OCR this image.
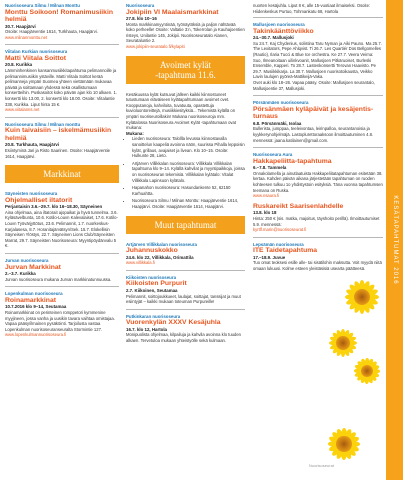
Nuorisoseura Silmu / Milnan Monttu
Monttu Soikoon! Romanimusiikin helmiä
30.7. Haapjärvi
Osoite: Haapjärventie 1614, Turkhauta, Haapjärvi.
www.milnanmonttu.net
Viitalan Kurkian nuorisoseura
Matti Viitala Soittot
20.8. Kurikka
Lämminhenkinen kansanmusiikkitapahtuma pelimannoille ja pelimannimusiikin ystäville. Matti Viitala Soittot kerää pelimanneja ympäri Suomea yhteen viettämään mukavaa päivää ja soittamaan yhdessä sekä osallistumaan konsertteihin. Puskasoitot koko päivän ajan klo 10 alkaen. 1. konsertti klo 13.00, 2. konsertti klo 18.00. Osoite: Viitalantie 338, Kurikka. Liput hinta 15 €.
www.viitalanns.net
Nuorisoseura Silmu / Milnan monttu
Kuin taivaisiin – iskelmämusiikin helmiä
20.8. Turkhauta, Haapjärvi
Esiintyminä Jari ja Risto Saarinen. Osoite: Haapjärventie 1614, Haapjärvi.
Markkinat
Säyneisten nuorisoseura
Ohjelmalliset iltatorit
Perjantaisin 3.6.–29.7. klo 16–18.30, Säyneinen
Aina ohjelmaa, aina iltatorait ajopaikat ja hyvä tunnelma. 3.6. Kyläsävelbunta, 10.6. Kotilo-Louvn Kalevalaiset, 17.6. Kotilo-Louvn Työvärjyttötus, 23.6. Pelimannit, 1.7. nuorkeskus-Karjalasesa, 8.7. Horanitajärvätsyn/Sek. 15.7. Elokellisin Säyneisen Ylöstys, 22.7. Säyneinen Lions Club/Säyneisten Marrat, 29.7. Säyneisten Nuorisoseura: Myyntipöydänvalu 5 €.
Jurvan nuorisoseura
Jurvan Markkinat
2.–3.7. Kurikka
Jurvan nuorisoseura mukana Jurvan markkinatunnuussa.
Lopenkulman nuorisoseura
Roinamarkkinat
10.7.2016 klo 9–14, Seutamaa
Roinamarkkinat on perinteinen romppetori kymmenine myyjineen, jossa vanha ja uusikin tavara vaihtaa omistajaa. Vapaa pääsy/ilmainen pysäköinti. Tarjoilusta vastaa Lopenkulman nuorisoseuranseuralta Stormintie 127.
www.lopenkulmannuorisoseura.fi
Nuorisoseura
Jokipiin VI Maalaismarkkinat
27.8. klo 10–16
Monta markkinamyyntinää, työnäytöksiä ja paljon nähtävää koko perheelle! Osoite: Valtatie 3:n, Tokerrolan ja Kauhajoentien risteys, Unilantie 145, Jokipii. Nuorisoseuratalo Alanen, Seurataluntie 2.
www.jokipiin-seuratalo.fi/kylapiti
Avoimet kylät
-tapahtuma 11.6.
Kesäkuussa kylät kutsuvat jälleen kaikki kiinnostuneet tutustumaan eläväiseen kylätapahtumaan avoimet ovet. Koopputanoja, kahviloita, tuvatuuta, opastettuja kuvioluontoreittejä, musiikkiesityksiä... Tekemistä kylällä on ympäri nuoriseuroillakin! Mukana nuorisoseuroja mm. Kylätalossa Nuorisoseura Avoimet Kylät -tapahtumaan ovat mukana:
Mukana:
• Lieden nuorisoseura: Talollla levussa kiinnostavalla sanoittelun kaapeliä avoinna näön, suurissa Pihalla leppoisin kylät, grillaus, avajaiset ja livean. Klo 10–15. Osoite: Hulkunte 28, Lieto.
• Artjärven Villikkalan nuorisoseura: Villikkala Villikkalan tapahtuma klo 9–14. Kylällä kahvilat ja myyntipaikkoja, joissa on nuorisoseuran tekemisiä. Villikkalan kylätalo: Vitalat Villikkala Lapinsuon kylätalo.
• Hapanahon nuorisoseura: Hasundankente 52, 62150 Karhuahtta.
• Nuorisoseura Silmu / Milnan Monttu: Haapjärventie 1614, Haapjärvi. Osoite: Haapjärventie 1614, Haapjärvi.
Muut tapahtumat
Artjärven Villikkalan nuorisoseura
Juhannuskokko
24.6. klo 22, Villikkala, Orimattila
www.villikkala.fi
Kiikoisten nuorisoseura
Kiikoisten Purpurit
2.7. Kiikoinen, Seutamaa
Pelimannit, soittojoukkueet, laulajat, soittajat, tanssijat ja muut esiintyjät – kaikki mukaan toteuman Purpureille!
Putkinkaran nuorisoseura
Vuorenkylän XXXV Kesäjuhla
16.7. klo 12, Hartola
Monipuolista ohjelmaa, kilpailuja ja kahvila avoinna klo tuuden alkaen. Tervetuloa mukaan yhteistyölle sekä kulmaan.
nuorten kesäjuhla. Liput 8 €, alle 15-vuotiaat ilmaiseksi. Osoite: Hiidenkeskus Purtuo, Tohmankatu 68, Hartola
Mallusjoen nuorisoseura
Takinkäänttöviikko
24.–30.7. Mallusjoki
Su 24.7. Kaj Chydenius, solistina Taru Nyman ja Aiki Pauno. Ma 25.7. The Lexitators, Pepe Ahlqvist. Ti 26.7. Les Quartiér Dos Bellgomelles (Rautio), Ilaria Tucci & Blue Ice orchestra. Ke 27.7. Veera Veirna: Suo, Ilmeanoitaan uilinkvoanit, Mallusjoen Pitkäruoiset, Burleski Ensemble, Kapperi. To 28.7. Lastenkonsertti Terovan Haavisto. Pe 29.7. Musiikkikarja. La 30.7. Mallusjoen nuorisotoikausta, Veikko Lavin laulujen pyöreä-Mattikeijä-Vaka.
Ovet auki klo 18–26. Vapaa pääsy. Osoite: Mallusjoen seurantalo, Mallusjoentie 37, Mallusjoki.
Pörsänmäen nuorisoseura
Pörsänmäen kyläpäivät ja kesäjentis-turnaus
6.8. Pörsänmäki, Isolaa
Bullerista, jumppaa, teeleivontaa, leirinpalloa, seurantanoisia ja kyykkerynohjelmäjä. Lastoplurettoraaksoon ilmoittautuminen 4.8. mennessä: jaana.katilainen@gmail.com.
Nuorisoseura Aura
Hakkapeliitta-tapahtuma
6.–7.8. Tammela
Onnakolamella ja ainutlaatuista Hakkapeliitatapahtuman esitetään 38. kertaa. Kahden päivän aikana järjestetään tapahtuman on ruoden kohteesen tulkuu 1o yhdistystoin esityksiä. Täna vuonna tapahtumsen teemana on Ruska.
www.nsaura.fi
Ruskareikt Saarisenlahdelle
13.8. klo 18
Hinta: 250 € (sis. matka, majoitus, täyshoito perillä). Ilmoittautumiset 5.9. mennessä:
kyrtlf.marin@nuorisoseurat.fi
Lepsämän nuorisoseura
ITE Taidetapahtuma
17.–18.9. Juvue
Tuo omat teoksesi esille alle- tai sisätilohin maksutta. Voit myydä niitä omaan lukuusi. Kolme esteen yleistäsisiä usearta päätteesä.
Nuorisoseurat
KESÄTAPAHTUMAT 2016
